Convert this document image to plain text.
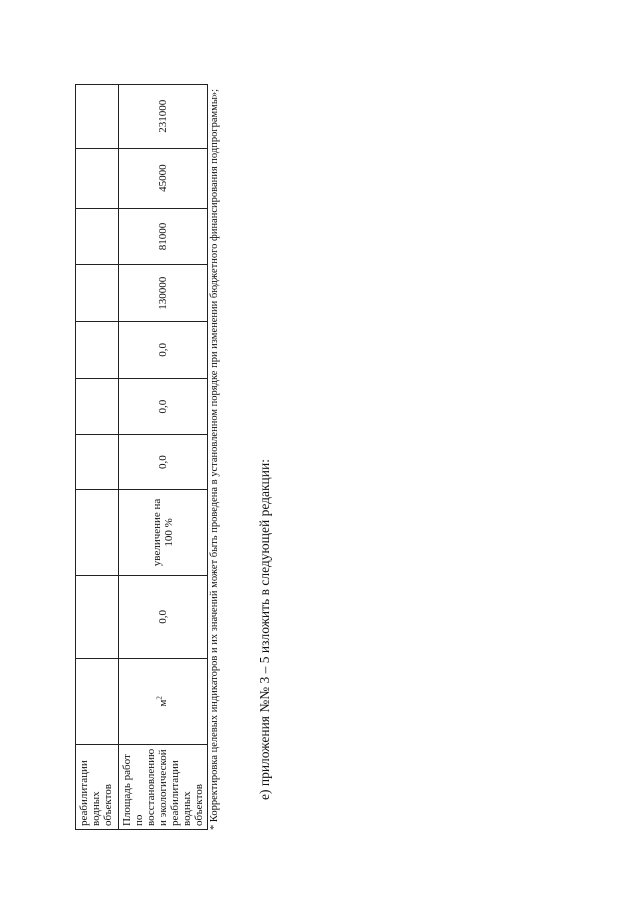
реабилитации водных объектов										
Площадь работ по восстановлению и экологической реабилитации водных объектов	$м^2$	0,0	увеличение на 100 %	0,0	0,0	0,0	130000	81000	45000	231000	* Корректировка целевых индикаторов и их значений может быть проведена в установленном порядке при изменении бюджетного финансирования подпрограммы»;	е) приложения №№ 3 – 5 изложить в следующей редакции:
